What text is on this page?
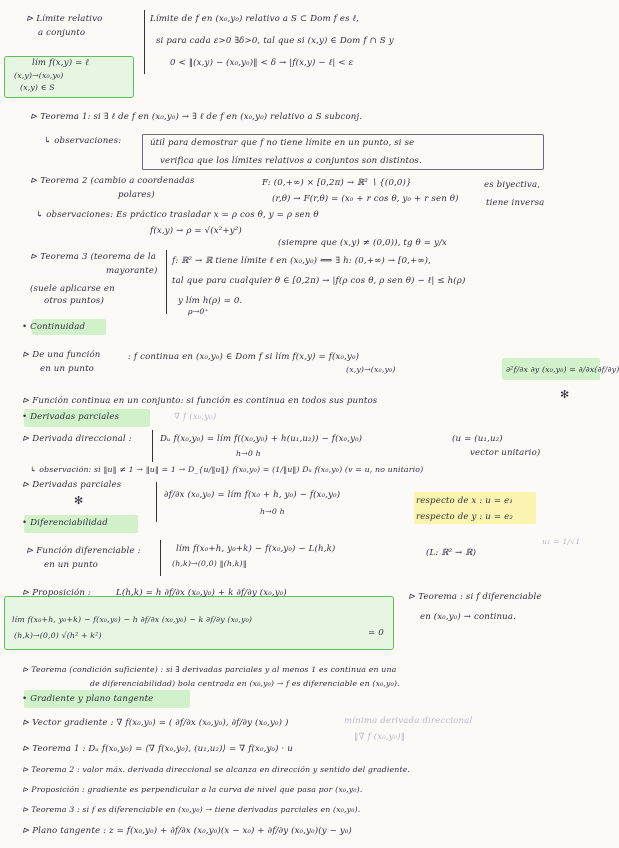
⊳ Límite relativo
a conjunto
Límite de f en (x₀,y₀) relativo a S ⊂ Dom f es ℓ,
si para cada ε>0 ∃δ>0, tal que si (x,y) ∈ Dom f ∩ S y
0 < ‖(x,y) − (x₀,y₀)‖ < δ → |f(x,y) − ℓ| < ε
lím f(x,y) = ℓ
(x,y)→(x₀,y₀)
(x,y) ∈ S
⊳ Teorema 1: si ∃ ℓ de f en (x₀,y₀) → ∃ ℓ de f en (x₀,y₀) relativo a S subconj.
↳ observaciones:	útil para demostrar que f no tiene límite en un punto, si se
verifica que los límites relativos a conjuntos son distintos.
⊳ Teorema 2 (cambio a coordenadas
polares)
F: (0,+∞) × [0,2π) → ℝ² ∖ {(0,0)}
(r,θ) → F(r,θ) = (x₀ + r cos θ, y₀ + r sen θ)
es biyectiva,
tiene inversa
↳ observaciones: Es práctico trasladar x = ρ cos θ, y = ρ sen θ
f(x,y) → ρ = √(x²+y²)
(siempre que (x,y) ≠ (0,0)), tg θ = y/x
⊳ Teorema 3 (teorema de la
mayorante)
(suele aplicarse en
otros puntos)
f: ℝ² → ℝ tiene límite ℓ en (x₀,y₀) ⟺ ∃ h: (0,+∞) → [0,+∞),
tal que para cualquier θ ∈ [0,2π) → |f(ρ cos θ, ρ sen θ) − ℓ| ≤ h(ρ)
y lím h(ρ) = 0.
ρ→0⁺
• Continuidad
⊳ De una función
en un punto
: f continua en (x₀,y₀) ∈ Dom f si lím f(x,y) = f(x₀,y₀)
(x,y)→(x₀,y₀)	∂²f/∂x ∂y (x₀,y₀) = ∂/∂x(∂f/∂y)
✻
⊳ Función continua en un conjunto: si función es continua en todos sus puntos
• Derivadas parciales	∇ f (x₀,y₀)
⊳ Derivada direccional :	Dᵤ f(x₀,y₀) = lím f((x₀,y₀) + h(u₁,u₂)) − f(x₀,y₀)
h→0 h
(u = (u₁,u₂)
vector unitario)
↳ observación: si ‖u‖ ≠ 1 → ‖u‖ = 1 → D_{u/‖u‖} f(x₀,y₀) = (1/‖u‖) Dᵤ f(x₀,y₀) (v = u, no unitario)
⊳ Derivadas parciales
∂f/∂x (x₀,y₀) = lím f(x₀ + h, y₀) − f(x₀,y₀)
h→0 h
respecto de x : u = e₁
respecto de y : u = e₂
u₁ = 1/√1
✻
• Diferenciabilidad
⊳ Función diferenciable :
en un punto
lím f(x₀+h, y₀+k) − f(x₀,y₀) − L(h,k)
(h,k)→(0,0) ‖(h,k)‖
(L: ℝ² → ℝ)
⊳ Proposición :	L(h,k) = h ∂f/∂x (x₀,y₀) + k ∂f/∂y (x₀,y₀)	⊳ Teorema : si f diferenciable
en (x₀,y₀) → continua.
lím f(x₀+h, y₀+k) − f(x₀,y₀) − h ∂f/∂x (x₀,y₀) − k ∂f/∂y (x₀,y₀)
(h,k)→(0,0) √(h² + k²)	= 0
⊳ Teorema (condición suficiente) : si ∃ derivadas parciales y al menos 1 es continua en una
de diferenciabilidad) bola centrada en (x₀,y₀) → f es diferenciable en (x₀,y₀).
• Gradiente y plano tangente
⊳ Vector gradiente : ∇ f(x₀,y₀) = ( ∂f/∂x (x₀,y₀), ∂f/∂y (x₀,y₀) )	mínima derivada direccional
‖∇ f (x₀,y₀)‖
⊳ Teorema 1 : Dᵤ f(x₀,y₀) = ⟨∇ f(x₀,y₀), (u₁,u₂)⟩ = ∇ f(x₀,y₀) · u
⊳ Teorema 2 : valor máx. derivada direccional se alcanza en dirección y sentido del gradiente.
⊳ Proposición : gradiente es perpendicular a la curva de nivel que pasa por (x₀,y₀).
⊳ Teorema 3 : si f es diferenciable en (x₀,y₀) → tiene derivadas parciales en (x₀,y₀).
⊳ Plano tangente : z = f(x₀,y₀) + ∂f/∂x (x₀,y₀)(x − x₀) + ∂f/∂y (x₀,y₀)(y − y₀)
